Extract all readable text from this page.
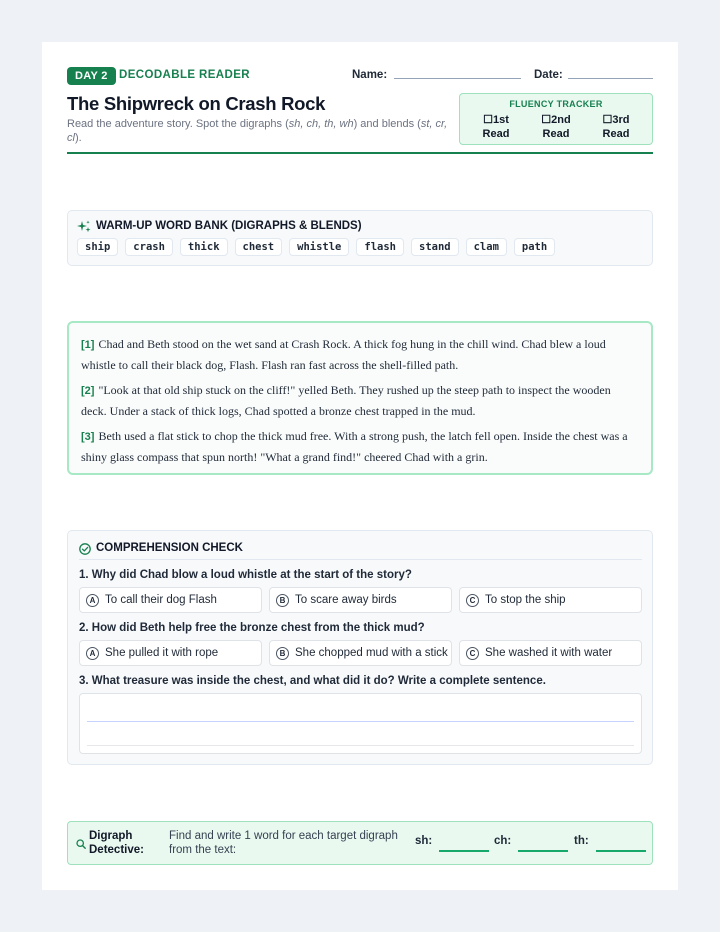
DAY 2 DECODABLE READER	Name:	Date:
The Shipwreck on Crash Rock
Read the adventure story. Spot the digraphs (sh, ch, th, wh) and blends (st, cr, cl).
FLUENCY TRACKER
☐1st
Read
☐2nd
Read
☐3rd
Read
WARM-UP WORD BANK (DIGRAPHS & BLENDS)
ship	crash	thick	chest	whistle	flash	stand	clam	path

[1] Chad and Beth stood on the wet sand at Crash Rock. A thick fog hung in the chill wind. Chad blew a loud whistle to call their black dog, Flash. Flash ran fast across the shell-filled path.

[2] "Look at that old ship stuck on the cliff!" yelled Beth. They rushed up the steep path to inspect the wooden deck. Under a stack of thick logs, Chad spotted a bronze chest trapped in the mud.

[3] Beth used a flat stick to chop the thick mud free. With a strong push, the latch fell open. Inside the chest was a shiny glass compass that spun north! "What a grand find!" cheered Chad with a grin.

COMPREHENSION CHECK
1. Why did Chad blow a loud whistle at the start of the story?
A To call their dog Flash	B To scare away birds	C To stop the ship
2. How did Beth help free the bronze chest from the thick mud?
A She pulled it with rope	B She chopped mud with a stick	C She washed it with water
3. What treasure was inside the chest, and what did it do? Write a complete sentence.
Digraph
Detective:
Find and write 1 word for each target digraph from the text:
sh:	ch:	th:
